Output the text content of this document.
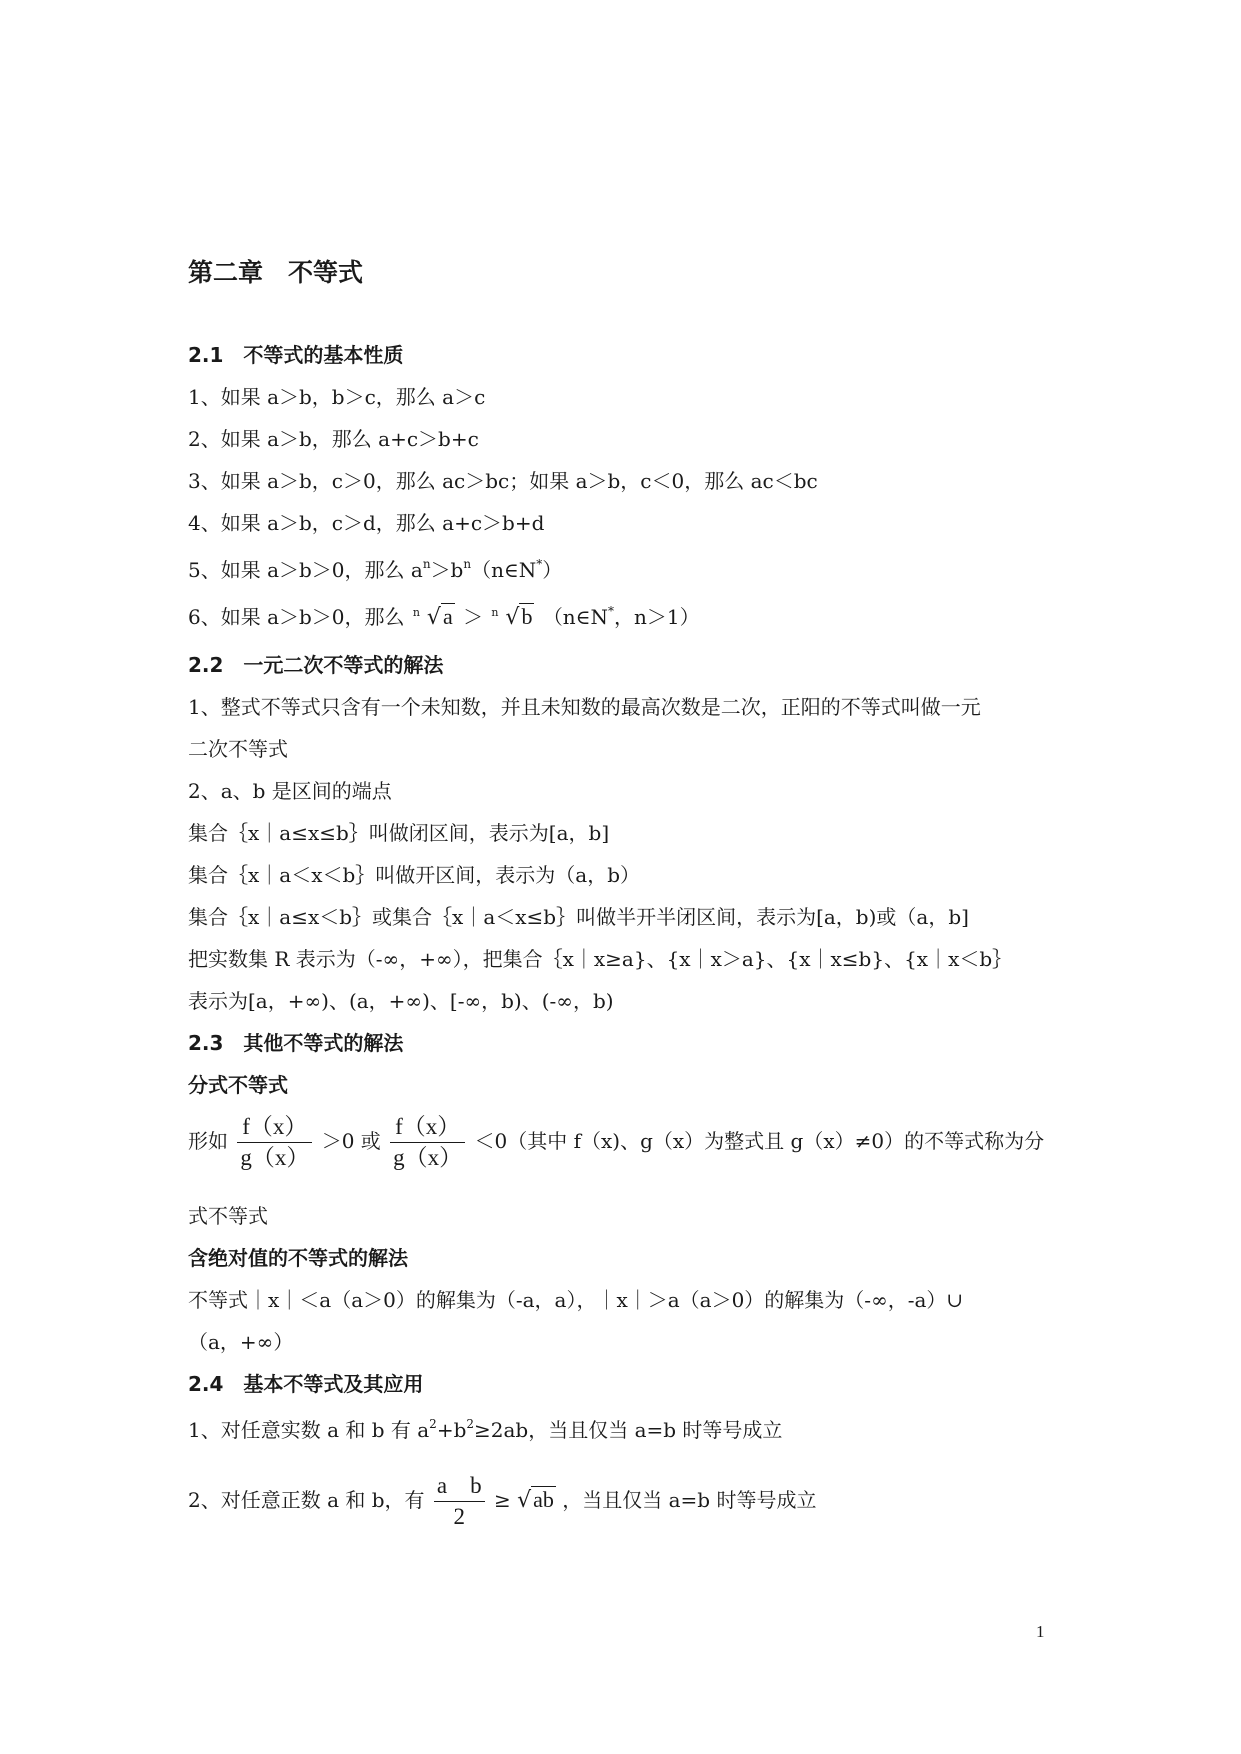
第二章　不等式
2.1　不等式的基本性质
1、如果 a＞b，b＞c，那么 a＞c
2、如果 a＞b，那么 a+c＞b+c
3、如果 a＞b，c＞0，那么 ac＞bc；如果 a＞b，c＜0，那么 ac＜bc
4、如果 a＞b，c＞d，那么 a+c＞b+d
5、如果 a＞b＞0，那么 $a^n>b^n(n\in N^*)$
6、如果 a＞b＞0，那么 n √a ＞ n √b （n∈N*，n＞1）
2.2　一元二次不等式的解法
1、整式不等式只含有一个未知数，并且未知数的最高次数是二次，正阳的不等式叫做一元
二次不等式
2、a、b 是区间的端点
集合｛x｜a≤x≤b｝叫做闭区间，表示为[a，b]
集合｛x｜a＜x＜b｝叫做开区间，表示为（a，b）
集合｛x｜a≤x＜b｝或集合｛x｜a＜x≤b｝叫做半开半闭区间，表示为[a，b)或（a，b]
把实数集 R 表示为（-∞，+∞），把集合｛x｜x≥a}、{x｜x＞a}、{x｜x≤b}、{x｜x＜b｝
表示为[a，+∞)、(a，+∞)、[-∞，b)、(-∞，b)
2.3　其他不等式的解法
分式不等式
形如 $\frac{f(x)}{g(x)} >0$ 或 $\frac{f(x)}{g(x)} <0$（其中 f（x)、g（x）为整式且 g（x）≠0）的不等式称为分
式不等式
含绝对值的不等式的解法
不等式｜x｜＜a（a＞0）的解集为（-a，a），｜x｜＞a（a＞0）的解集为（-∞，-a）∪
（a，+∞）
2.4　基本不等式及其应用
1、对任意实数 a 和 b 有 $a^2+b^2\ge 2ab$，当且仅当 a=b 时等号成立
2、对任意正数 a 和 b，有 $\frac{\text{a　b}}{2} \ge √ab$ ，当且仅当 a=b 时等号成立
1
